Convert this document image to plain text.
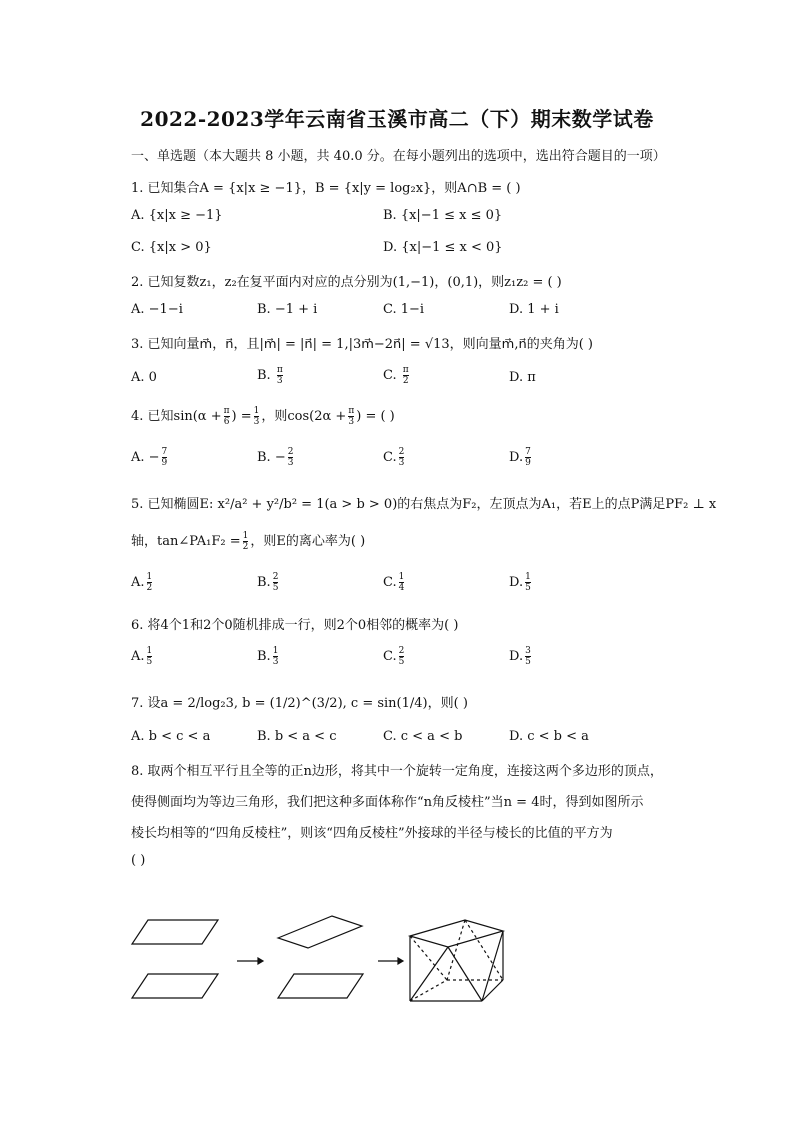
2022-2023学年云南省玉溪市高二（下）期末数学试卷
一、单选题（本大题共 8 小题，共 40.0 分。在每小题列出的选项中，选出符合题目的一项）
1. 已知集合A = {x|x ≥ −1}，B = {x|y = log₂x}，则A∩B = ( )
A. {x|x ≥ −1}	B. {x|−1 ≤ x ≤ 0}
C. {x|x > 0}	D. {x|−1 ≤ x < 0}
2. 已知复数z₁，z₂在复平面内对应的点分别为(1,−1)，(0,1)，则z₁z₂ = ( )
A. −1−i	B. −1 + i	C. 1−i	D. 1 + i
3. 已知向量m⃗，n⃗，且|m⃗| = |n⃗| = 1,|3m⃗−2n⃗| = √13，则向量m⃗,n⃗的夹角为( )
A. 0	B. $\frac{\pi}{3}$	C. $\frac{\pi}{2}$	D. π
4. 已知$\sin(\alpha + \frac{\pi}{6}$ ) = $\frac{1}{3}$ ，则$\cos(2\alpha + \frac{\pi}{3}$ ) = ( )
A. − $\frac{7}{9}$	B. − $\frac{2}{3}$	C. $\frac{2}{3}$	D. $\frac{7}{9}$
5. 已知椭圆E: x²/a² + y²/b² = 1(a > b > 0)的右焦点为F₂，左顶点为A₁，若E上的点P满足PF₂ ⊥ x
轴，tan∠PA₁F₂ = $\frac{1}{2}$ ，则E的离心率为( )
A. $\frac{1}{2}$	B. $\frac{2}{5}$	C. $\frac{1}{4}$	D. $\frac{1}{5}$
6. 将4个1和2个0随机排成一行，则2个0相邻的概率为( )
A. $\frac{1}{5}$	B. $\frac{1}{3}$	C. $\frac{2}{5}$	D. $\frac{3}{5}$
7. 设a = 2/log₂3, b = (1/2)^(3/2), c = sin(1/4)，则( )
A. b < c < a	B. b < a < c	C. c < a < b	D. c < b < a
8. 取两个相互平行且全等的正n边形，将其中一个旋转一定角度，连接这两个多边形的顶点，
使得侧面均为等边三角形，我们把这种多面体称作“n角反棱柱”当n = 4时，得到如图所示
棱长均相等的“四角反棱柱”，则该“四角反棱柱”外接球的半径与棱长的比值的平方为
( )
